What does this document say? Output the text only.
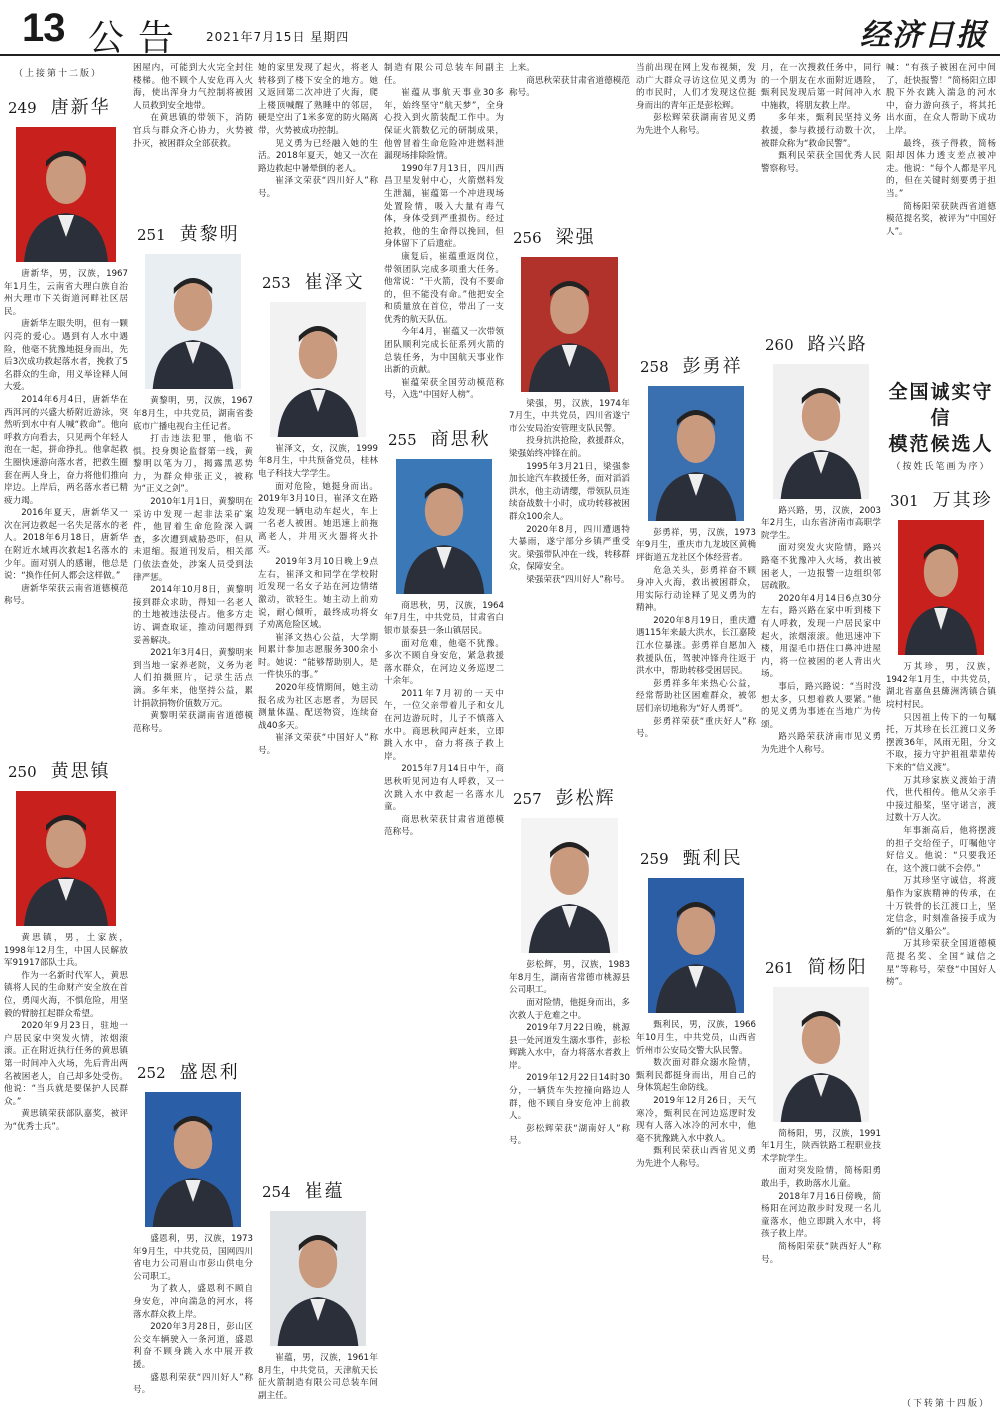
13 公告 2021年7月15日 星期四	经济日报
（上接第十二版）
249 唐新华

唐新华，男，汉族，1967年1月生，云南省大理白族自治州大理市下关街道河畔社区居民。

唐新华左眼失明，但有一颗闪亮的爱心。遇到有人水中遇险，他毫不犹豫地挺身而出，先后3次成功救起落水者，挽救了5名群众的生命，用义举诠释人间大爱。

2014年6月4日，唐新华在西洱河的兴盛大桥附近游泳，突然听到水中有人喊“救命”。他向呼救方向看去，只见两个年轻人泡在一起，拼命挣扎。他拿起救生圈快速游向落水者，把救生圈套在两人身上，奋力将他们推向岸边。上岸后，两名落水者已精疲力竭。

2016年夏天，唐新华又一次在河边救起一名失足落水的老人。2018年6月18日，唐新华在附近水域再次救起1名落水的少年。面对别人的感谢，他总是说：“换作任何人都会这样做。”

唐新华荣获云南省道德模范称号。

250 黄思镇

黄思镇，男，土家族，1998年12月生，中国人民解放军91917部队士兵。

作为一名新时代军人，黄思镇将人民的生命财产安全放在首位，勇闯火海，不惧危险，用坚毅的臂膀扛起群众希望。

2020年9月23日，驻地一户居民家中突发火情，浓烟滚滚。正在附近执行任务的黄思镇第一时间冲入火场，先后背出两名被困老人，自己却多处受伤。他说：“当兵就是要保护人民群众。”

黄思镇荣获部队嘉奖，被评为“优秀士兵”。

困屋内，可能到大火完全封住楼梯。他不顾个人安危再入火海，使出浑身力气控制将被困人员救到安全地带。

在黄思镇的带领下，消防官兵与群众齐心协力，火势被扑灭，被困群众全部获救。

251 黄黎明

黄黎明，男，汉族，1967年8月生，中共党员，湖南省娄底市广播电视台主任记者。

打击违法犯罪，他临不惧。投身舆论监督第一线，黄黎明以笔为刀，揭露黑恶势力，为群众伸张正义，被称为“正义之剑”。

2010年1月1日，黄黎明在采访中发现一起非法采矿案件，他冒着生命危险深入调查，多次遭到威胁恐吓，但从未退缩。报道刊发后，相关部门依法查处，涉案人员受到法律严惩。

2014年10月8日，黄黎明接到群众求助，得知一名老人的土地被违法侵占。他多方走访、调查取证，推动问题得到妥善解决。

2021年3月4日，黄黎明来到当地一家养老院，义务为老人们拍摄照片，记录生活点滴。多年来，他坚持公益，累计捐款捐物价值数万元。

黄黎明荣获湖南省道德模范称号。

252 盛恩利

盛恩利，男，汉族，1973年9月生，中共党员，国网四川省电力公司眉山市彭山供电分公司职工。

为了救人，盛恩利不顾自身安危，冲向湍急的河水，将落水群众救上岸。

2020年3月28日，彭山区公交车辆驶入一条河道，盛恩利奋不顾身跳入水中展开救援。

盛恩利荣获“四川好人”称号。

她的家里发现了起火，将老人转移到了楼下安全的地方。她又返回第二次冲进了火海，爬上楼顶喊醒了熟睡中的邻居，硬是空出了1米多宽的防火隔离带，火势被成功控制。

见义勇为已经融入她的生活。2018年夏天，她又一次在路边救起中暑晕倒的老人。

崔泽文荣获“四川好人”称号。

253 崔泽文

崔泽文，女，汉族，1999年8月生，中共预备党员，桂林电子科技大学学生。

面对危险，她挺身而出。2019年3月10日，崔泽文在路边发现一辆电动车起火，车上一名老人被困。她迅速上前拖离老人，并用灭火器将火扑灭。

2019年3月10日晚上9点左右，崔泽文和同学在学校附近发现一名女子站在河边情绪激动，欲轻生。她主动上前劝说，耐心倾听，最终成功将女子劝离危险区域。

崔泽文热心公益，大学期间累计参加志愿服务300余小时。她说：“能够帮助别人，是一件快乐的事。”

2020年疫情期间，她主动报名成为社区志愿者，为居民测量体温、配送物资，连续奋战40多天。

崔泽文荣获“中国好人”称号。

254 崔蕴

崔蕴，男，汉族，1961年8月生，中共党员，天津航天长征火箭制造有限公司总装车间副主任。

制造有限公司总装车间副主任。

崔蕴从事航天事业30多年，始终坚守“航天梦”，全身心投入到火箭装配工作中。为保证火箭数亿元的研制成果，他曾冒着生命危险冲进燃料泄漏现场排除险情。

1990年7月13日，四川西昌卫星发射中心，火箭燃料发生泄漏，崔蕴第一个冲进现场处置险情，吸入大量有毒气体，身体受到严重损伤。经过抢救，他的生命得以挽回，但身体留下了后遗症。

康复后，崔蕴重返岗位，带领团队完成多项重大任务。他常说：“干火箭，没有不要命的，但不能没有命。”他把安全和质量放在首位，带出了一支优秀的航天队伍。

今年4月，崔蕴又一次带领团队顺利完成长征系列火箭的总装任务，为中国航天事业作出新的贡献。

崔蕴荣获全国劳动模范称号，入选“中国好人榜”。

255 商思秋

商思秋，男，汉族，1964年7月生，中共党员，甘肃省白银市景泰县一条山镇居民。

面对危难，他毫不犹豫。多次不顾自身安危，紧急救援落水群众，在河边义务巡逻二十余年。

2011年7月初的一天中午，一位父亲带着儿子和女儿在河边游玩时，儿子不慎落入水中。商思秋闻声赶来，立即跳入水中，奋力将孩子救上岸。

2015年7月14日中午，商思秋听见河边有人呼救，又一次跳入水中救起一名落水儿童。

商思秋荣获甘肃省道德模范称号。

上来。

商思秋荣获甘肃省道德模范称号。

256 梁强

梁强，男，汉族，1974年7月生，中共党员，四川省遂宁市公安局治安管理支队民警。

投身抗洪抢险，救援群众，梁强始终冲锋在前。

1995年3月21日，梁强参加长途汽车救援任务，面对滔滔洪水，他主动请缨，带领队员连续奋战数十小时，成功转移被困群众100余人。

2020年8月，四川遭遇特大暴雨，遂宁部分乡镇严重受灾。梁强带队冲在一线，转移群众，保障安全。

梁强荣获“四川好人”称号。

257 彭松辉

彭松辉，男，汉族，1983年8月生，湖南省常德市桃源县公司职工。

面对险情，他挺身而出，多次救人于危难之中。

2019年7月22日晚，桃源县一处河道发生溺水事件，彭松辉跳入水中，奋力将落水者救上岸。

2019年12月22日14时30分，一辆货车失控撞向路边人群，他不顾自身安危冲上前救人。

彭松辉荣获“湖南好人”称号。

当前出现在网上发布视频，发动广大群众寻访这位见义勇为的市民时，人们才发现这位挺身而出的青年正是彭松辉。

彭松辉荣获湖南省见义勇为先进个人称号。

258 彭勇祥

彭勇祥，男，汉族，1973年9月生，重庆市九龙坡区黄桷坪街道五龙社区个体经营者。

危急关头，彭勇祥奋不顾身冲入火海，救出被困群众，用实际行动诠释了见义勇为的精神。

2020年8月19日，重庆遭遇115年来最大洪水，长江嘉陵江水位暴涨。彭勇祥自愿加入救援队伍，驾驶冲锋舟往返于洪水中，帮助转移受困居民。

彭勇祥多年来热心公益，经常帮助社区困难群众，被邻居们亲切地称为“好人勇哥”。

彭勇祥荣获“重庆好人”称号。

259 甄利民

甄利民，男，汉族，1966年10月生，中共党员，山西省忻州市公安局交警大队民警。

数次面对群众溺水险情，甄利民都挺身而出，用自己的身体筑起生命防线。

2019年12月26日，天气寒冷，甄利民在河边巡逻时发现有人落入冰冷的河水中，他毫不犹豫跳入水中救人。

甄利民荣获山西省见义勇为先进个人称号。

月，在一次搜救任务中，同行的一个朋友在水面附近遇险，甄利民发现后第一时间冲入水中施救，将朋友救上岸。

多年来，甄利民坚持义务救援，参与救援行动数十次，被群众称为“救命民警”。

甄利民荣获全国优秀人民警察称号。

260 路兴路

路兴路，男，汉族，2003年2月生，山东省济南市高职学院学生。

面对突发火灾险情，路兴路毫不犹豫冲入火场，救出被困老人，一边报警一边组织邻居疏散。

2020年4月14日6点30分左右，路兴路在家中听到楼下有人呼救，发现一户居民家中起火，浓烟滚滚。他迅速冲下楼，用湿毛巾捂住口鼻冲进屋内，将一位被困的老人背出火场。

事后，路兴路说：“当时没想太多，只想着救人要紧。”他的见义勇为事迹在当地广为传颂。

路兴路荣获济南市见义勇为先进个人称号。

261 简杨阳

简杨阳，男，汉族，1991年1月生，陕西铁路工程职业技术学院学生。

面对突发险情，简杨阳勇敢出手，救助落水儿童。

2018年7月16日傍晚，简杨阳在河边散步时发现一名儿童落水，他立即跳入水中，将孩子救上岸。

简杨阳荣获“陕西好人”称号。

喊：“有孩子被困在河中间了，赶快报警！”简杨阳立即脱下外衣跳入湍急的河水中，奋力游向孩子，将其托出水面，在众人帮助下成功上岸。

最终，孩子得救，简杨阳却因体力透支差点被冲走。他说：“每个人都是平凡的，但在关键时刻要勇于担当。”

简杨阳荣获陕西省道德模范提名奖，被评为“中国好人”。

全国诚实守信
模范候选人
（按姓氏笔画为序）
301 万其珍

万其珍，男，汉族，1942年1月生，中共党员，湖北省嘉鱼县簰洲湾镇合镇垸村村民。

只因祖上传下的一句嘱托，万其珍在长江渡口义务摆渡36年，风雨无阻，分文不取，接力守护祖祖辈辈传下来的“信义渡”。

万其珍家族义渡始于清代，世代相传。他从父亲手中接过船桨，坚守诺言，渡过数十万人次。

年事渐高后，他将摆渡的担子交给侄子，叮嘱他守好信义。他说：“只要我还在，这个渡口就不会停。”

万其珍坚守诚信，将渡船作为家族精神的传承，在十万铁骨的长江渡口上，坚定信念，时刻准备接手成为新的“信义船公”。

万其珍荣获全国道德模范提名奖、全国“诚信之星”等称号，荣登“中国好人榜”。

（下转第十四版）
